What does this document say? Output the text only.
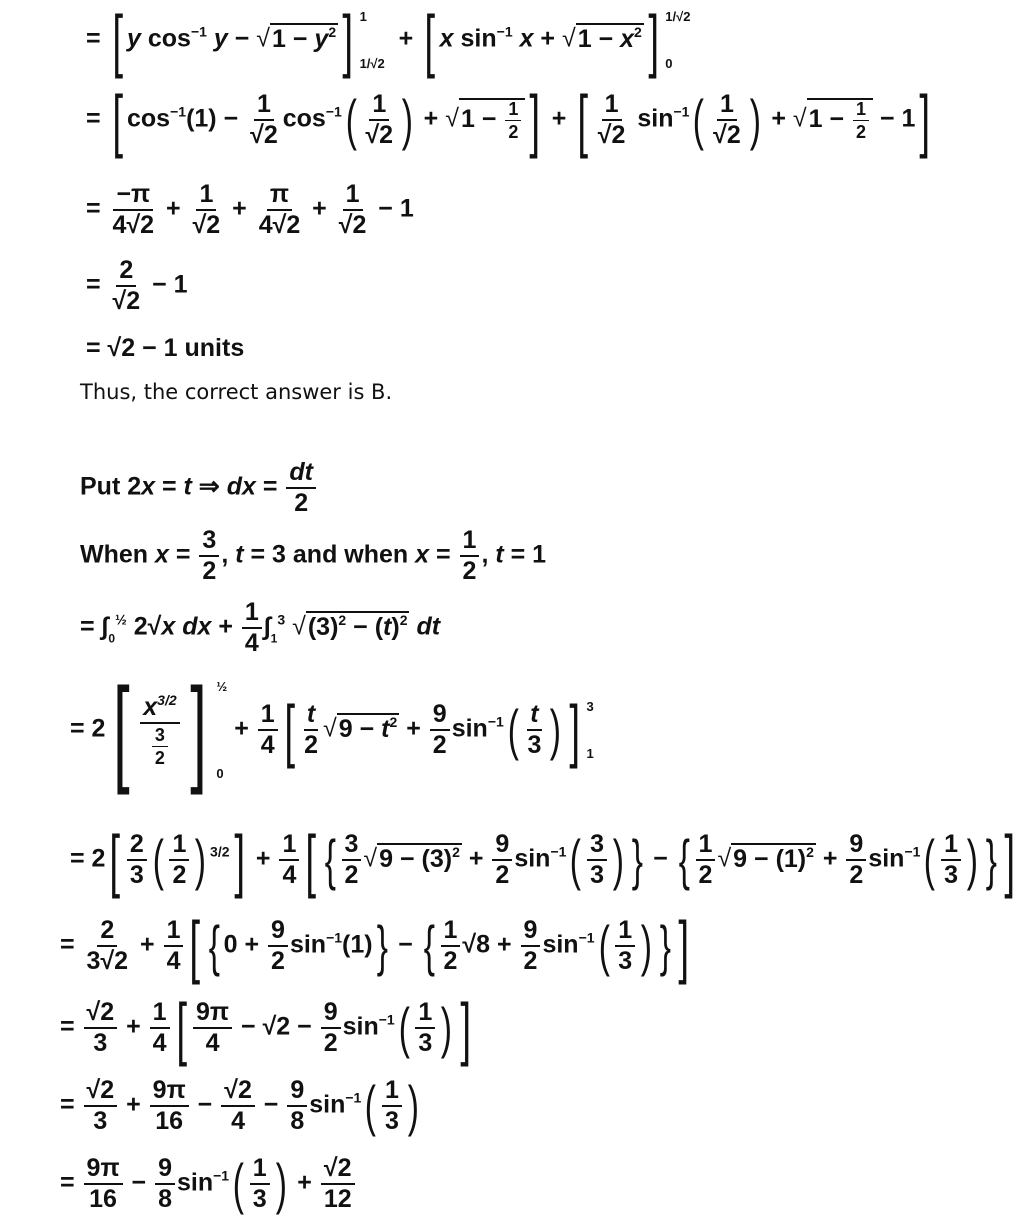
= [ y $\cos^{-1} y - √1 - y^2$] 1
1/√2
+ [ x $\sin^{-1} x + √1 - x^2$] 1/√2
0
= [ $\cos^{-1}(1) - \frac{1}{√2} \cos^{-1}( \frac{1}{√2}$ ) + $√1 - \frac{1}{2}$ ] + [ $\frac{1}{√2} \sin^{-1}( \frac{1}{√2}$ ) + $√1 - \frac{1}{2} - 1$]
= $\frac{-\pi}{4√2} + \frac{1}{√2} + \frac{\pi}{4√2} + \frac{1}{√2} - 1$
= $\frac{2}{√2} - 1$
= √2 − 1 units
Thus, the correct answer is B.
Put 2x = t ⇒ dx = $\frac{dt}{2}$
When $x = \frac{3}{2}$ , t = 3 and when $x = \frac{1}{2}$ , t = 1
= $\int_0^{\frac{1}{2}}$ 2√x dx + $\frac{1}{4} \int_1^3$ $√(3)^2 - (t)^2$ dt
= $2[ \frac{x^{3/2}}{\frac{3}{2}}$ ] ½
0
+ $\frac{1}{4}$ [ $\frac{t}{2} √9 - t^2 + \frac{9}{2} \sin^{-1}( \frac{t}{3}$ ) ] 3
1
= $2[ \frac{2}{3}$ ( $\frac{1}{2}$ ) $^{3/2}] + \frac{1}{4}$ [ { $\frac{3}{2} √9 - (3)^2 + \frac{9}{2} \sin^{-1}( \frac{3}{3}$ ) } − { $\frac{1}{2} √9 - (1)^2 + \frac{9}{2} \sin^{-1}( \frac{1}{3}$ ) } ]
= $\frac{2}{3√2} + \frac{1}{4}$ [ { $0 + \frac{9}{2} \sin^{-1}(1)$} − { $\frac{1}{2} √8 + \frac{9}{2} \sin^{-1}( \frac{1}{3}$ ) } ]
= $\frac{√2}{3} + \frac{1}{4}$ [ $\frac{9\pi}{4} - √2 - \frac{9}{2} \sin^{-1}( \frac{1}{3}$ ) ]
= $\frac{√2}{3} + \frac{9\pi}{16} - \frac{√2}{4} - \frac{9}{8} \sin^{-1}( \frac{1}{3}$ )
= $\frac{9\pi}{16} - \frac{9}{8} \sin^{-1}( \frac{1}{3}$ ) + $\frac{√2}{12}$
